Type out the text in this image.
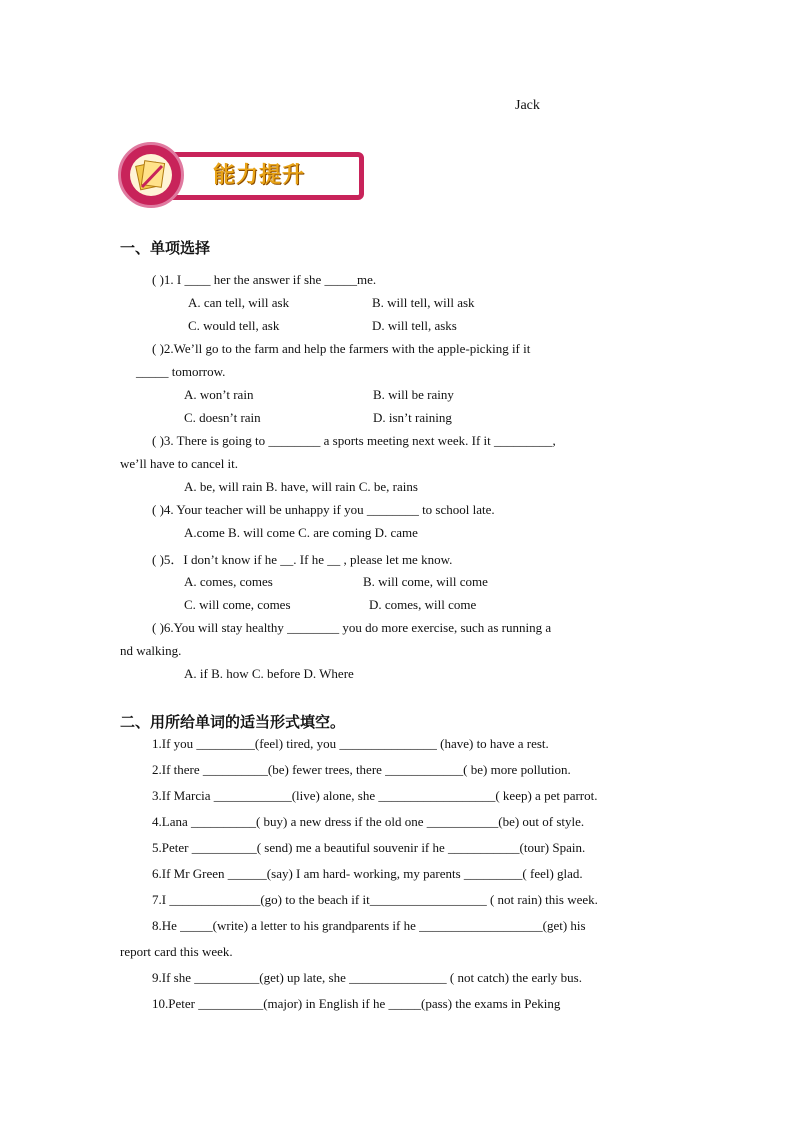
Jack
能力提升
一、单项选择
( )1. I ____ her the answer if she _____me.
A. can tell, will ask	B. will tell, will ask
C. would tell, ask	D. will tell, asks
( )2.We’ll go to the farm and help the farmers with the apple-picking if it
_____ tomorrow.
A. won’t rain	B. will be rainy
C. doesn’t rain	D. isn’t raining
( )3. There is going to ________ a sports meeting next week. If it _________,
we’ll have to cancel it.
A. be, will rain B. have, will rain C. be, rains
( )4. Your teacher will be unhappy if you ________ to school late.
A.come B. will come C. are coming D. came
( )5．I don’t know if he __. If he __ , please let me know.
A. comes, comes	B. will come, will come
C. will come, comes	D. comes, will come
( )6.You will stay healthy ________ you do more exercise, such as running a
nd walking.
A. if B. how C. before D. Where
二、用所给单词的适当形式填空。
1.If you _________(feel) tired, you _______________ (have) to have a rest.
2.If there __________(be) fewer trees, there ____________( be) more pollution.
3.If Marcia ____________(live) alone, she __________________( keep) a pet parrot.
4.Lana __________( buy) a new dress if the old one ___________(be) out of style.
5.Peter __________( send) me a beautiful souvenir if he ___________(tour) Spain.
6.If Mr Green ______(say) I am hard- working, my parents _________( feel) glad.
7.I ______________(go) to the beach if it__________________ ( not rain) this week.
8.He _____(write) a letter to his grandparents if he ___________________(get) his
report card this week.
9.If she __________(get) up late, she _______________ ( not catch) the early bus.
10.Peter __________(major) in English if he _____(pass) the exams in Peking
